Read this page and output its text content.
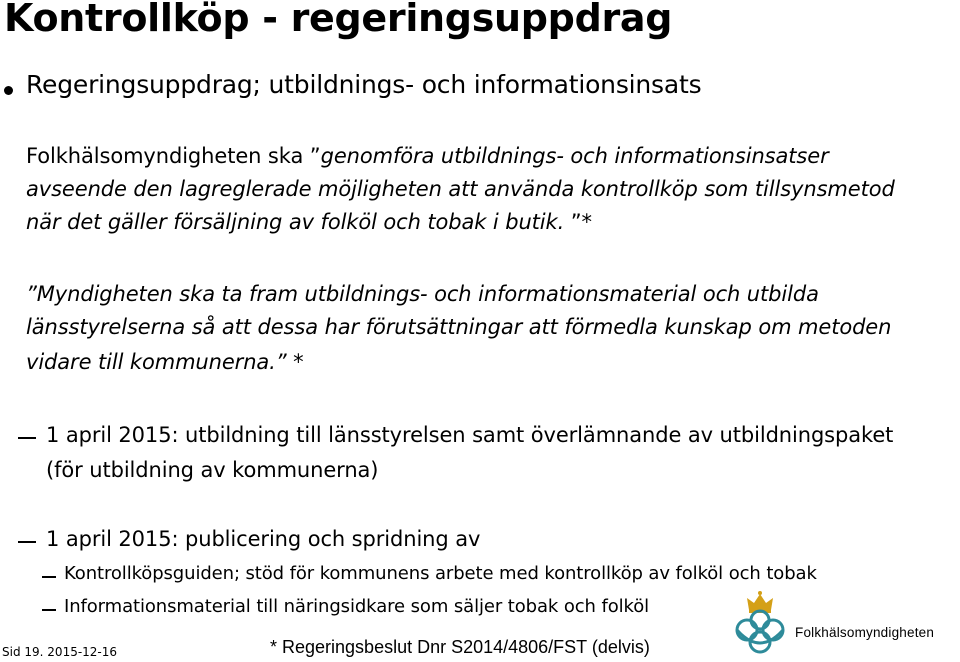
Kontrollköp - regeringsuppdrag
Regeringsuppdrag; utbildnings- och informationsinsats
Folkhälsomyndigheten ska ”genomföra utbildnings- och informationsinsatser
avseende den lagreglerade möjligheten att använda kontrollköp som tillsynsmetod
när det gäller försäljning av folköl och tobak i butik. ”*
”Myndigheten ska ta fram utbildnings- och informationsmaterial och utbilda
länsstyrelserna så att dessa har förutsättningar att förmedla kunskap om metoden
vidare till kommunerna.” *
1 april 2015: utbildning till länsstyrelsen samt överlämnande av utbildningspaket
(för utbildning av kommunerna)
1 april 2015: publicering och spridning av
Kontrollköpsguiden; stöd för kommunens arbete med kontrollköp av folköl och tobak
Informationsmaterial till näringsidkare som säljer tobak och folköl
Sid 19. 2015-12-16	* Regeringsbeslut Dnr S2014/4806/FST (delvis)
Folkhälsomyndigheten
